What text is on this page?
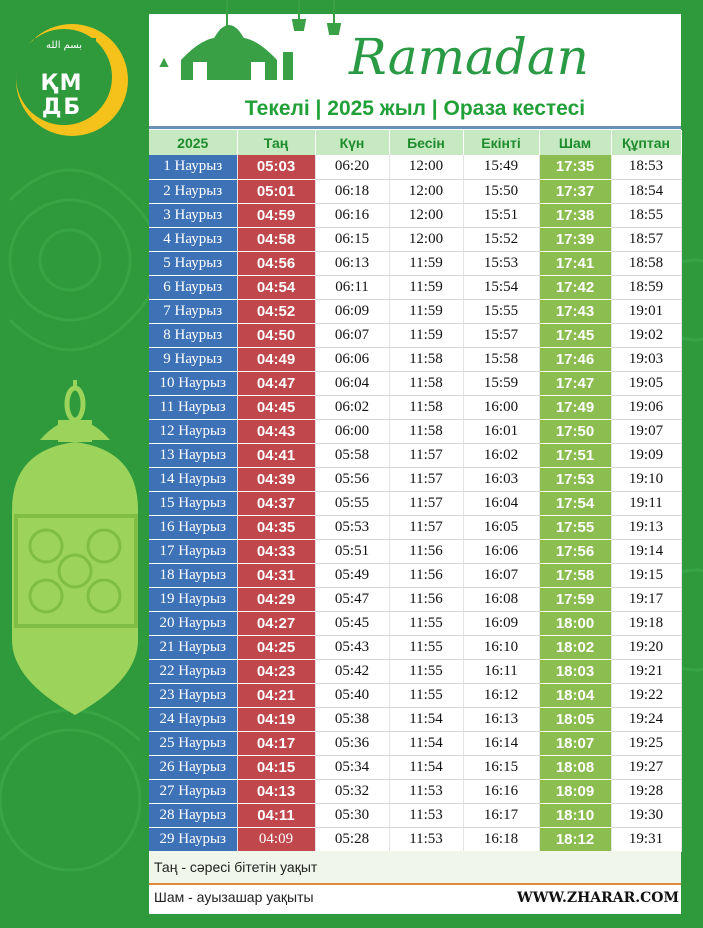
بسم الله
ҚМ
ДБ
Ramadan
Текелі | 2025 жыл | Ораза кестесі
2025	Таң	Күн	Бесін	Екінті	Шам	Құптан
1 Наурыз	05:03	06:20	12:00	15:49	17:35	18:53
2 Наурыз	05:01	06:18	12:00	15:50	17:37	18:54
3 Наурыз	04:59	06:16	12:00	15:51	17:38	18:55
4 Наурыз	04:58	06:15	12:00	15:52	17:39	18:57
5 Наурыз	04:56	06:13	11:59	15:53	17:41	18:58
6 Наурыз	04:54	06:11	11:59	15:54	17:42	18:59
7 Наурыз	04:52	06:09	11:59	15:55	17:43	19:01
8 Наурыз	04:50	06:07	11:59	15:57	17:45	19:02
9 Наурыз	04:49	06:06	11:58	15:58	17:46	19:03
10 Наурыз	04:47	06:04	11:58	15:59	17:47	19:05
11 Наурыз	04:45	06:02	11:58	16:00	17:49	19:06
12 Наурыз	04:43	06:00	11:58	16:01	17:50	19:07
13 Наурыз	04:41	05:58	11:57	16:02	17:51	19:09
14 Наурыз	04:39	05:56	11:57	16:03	17:53	19:10
15 Наурыз	04:37	05:55	11:57	16:04	17:54	19:11
16 Наурыз	04:35	05:53	11:57	16:05	17:55	19:13
17 Наурыз	04:33	05:51	11:56	16:06	17:56	19:14
18 Наурыз	04:31	05:49	11:56	16:07	17:58	19:15
19 Наурыз	04:29	05:47	11:56	16:08	17:59	19:17
20 Наурыз	04:27	05:45	11:55	16:09	18:00	19:18
21 Наурыз	04:25	05:43	11:55	16:10	18:02	19:20
22 Наурыз	04:23	05:42	11:55	16:11	18:03	19:21
23 Наурыз	04:21	05:40	11:55	16:12	18:04	19:22
24 Наурыз	04:19	05:38	11:54	16:13	18:05	19:24
25 Наурыз	04:17	05:36	11:54	16:14	18:07	19:25
26 Наурыз	04:15	05:34	11:54	16:15	18:08	19:27
27 Наурыз	04:13	05:32	11:53	16:16	18:09	19:28
28 Наурыз	04:11	05:30	11:53	16:17	18:10	19:30
29 Наурыз	04:09	05:28	11:53	16:18	18:12	19:31
Таң - сәресі бітетін уақыт
Шам - ауызашар уақыты	WWW.ZHARAR.COM
